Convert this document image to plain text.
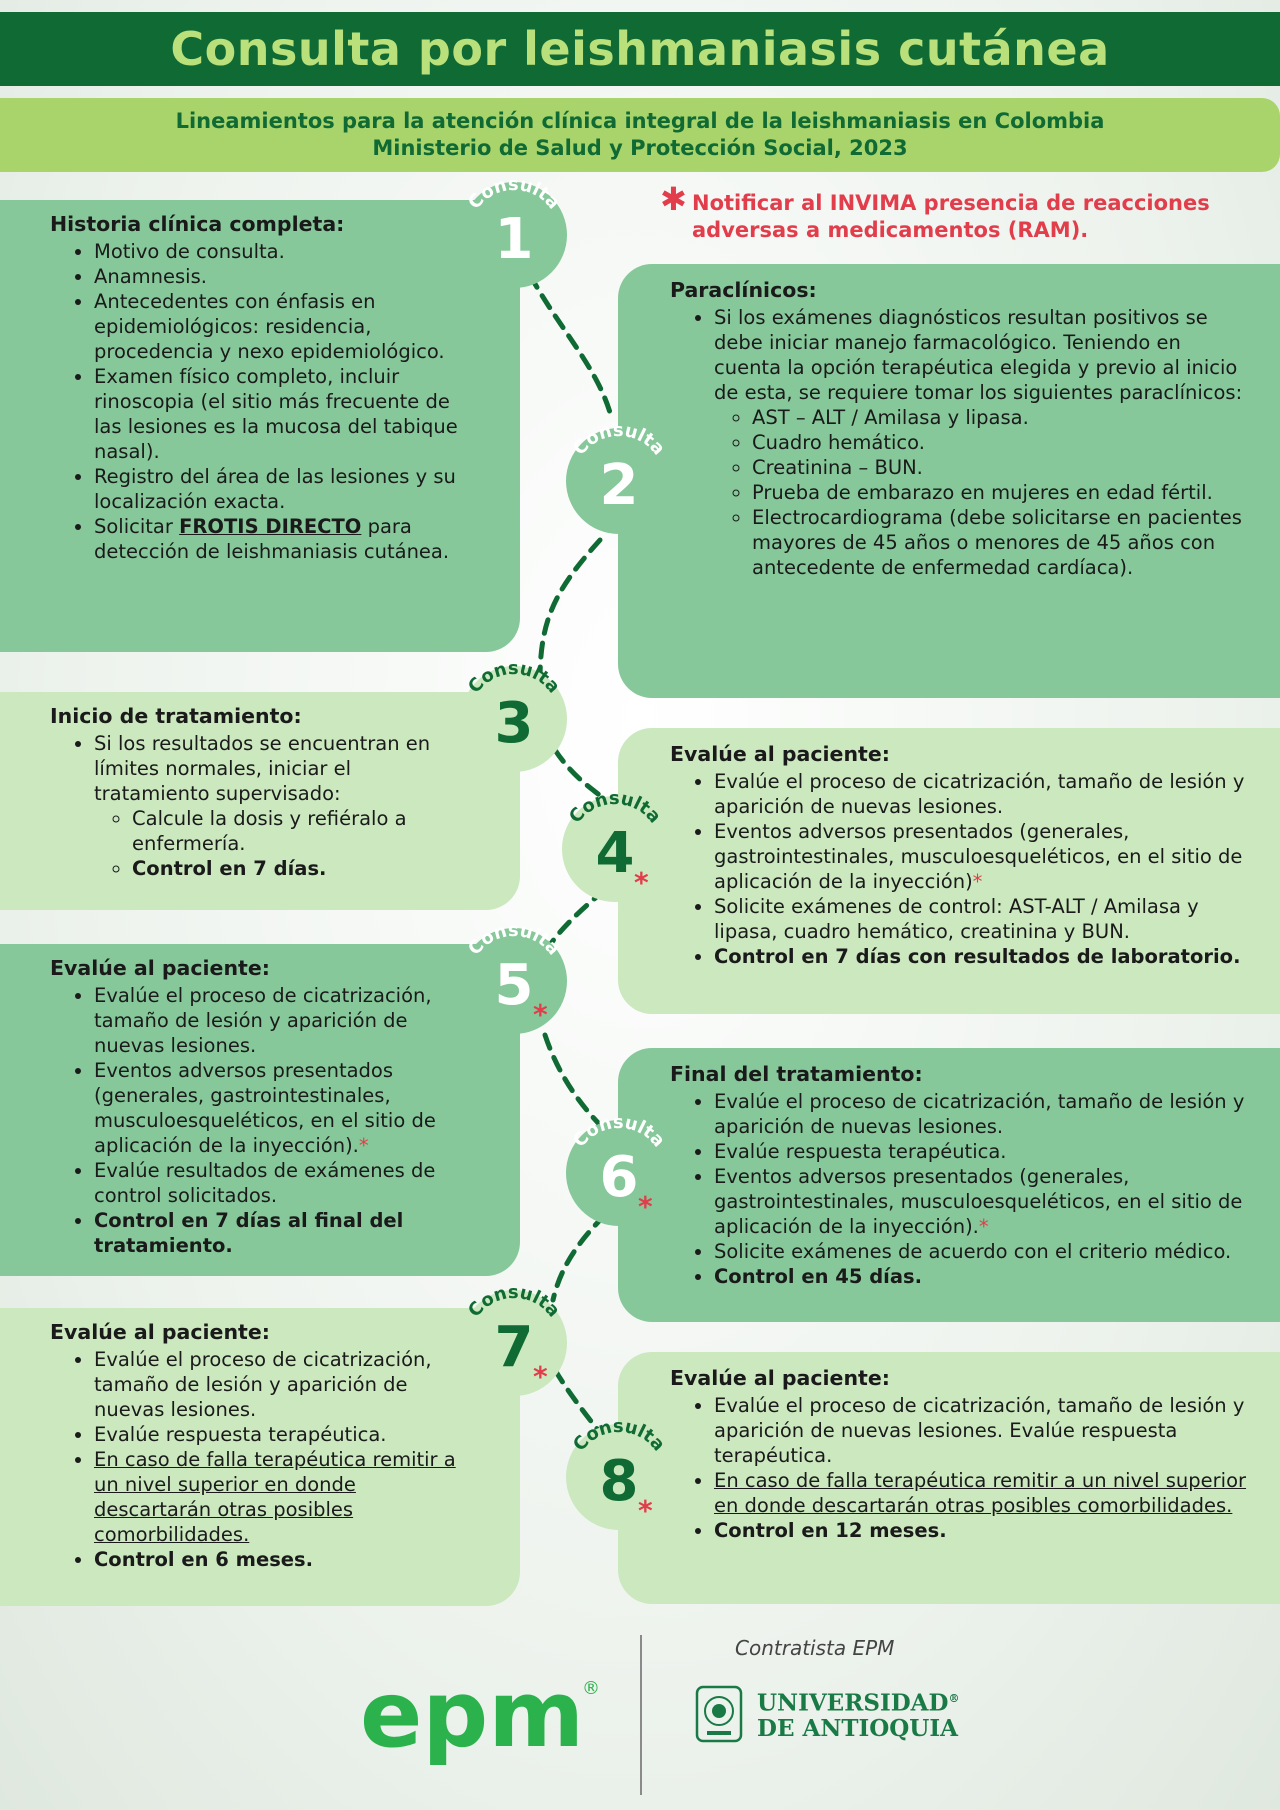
Consulta por leishmaniasis cutánea
Lineamientos para la atención clínica integral de la leishmaniasis en Colombia
Ministerio de Salud y Protección Social, 2023
✱ Notificar al INVIMA presencia de reacciones adversas a medicamentos (RAM).
Historia clínica completa:
• Motivo de consulta.
• Anamnesis.
• Antecedentes con énfasis en epidemiológicos: residencia, procedencia y nexo epidemiológico.
• Examen físico completo, incluir rinoscopia (el sitio más frecuente de las lesiones es la mucosa del tabique nasal).
• Registro del área de las lesiones y su localización exacta.
• Solicitar FROTIS DIRECTO para detección de leishmaniasis cutánea.
Paraclínicos:
• Si los exámenes diagnósticos resultan positivos se debe iniciar manejo farmacológico. Teniendo en cuenta la opción terapéutica elegida y previo al inicio de esta, se requiere tomar los siguientes paraclínicos:
◦ AST – ALT / Amilasa y lipasa.
◦ Cuadro hemático.
◦ Creatinina – BUN.
◦ Prueba de embarazo en mujeres en edad fértil.
◦ Electrocardiograma (debe solicitarse en pacientes mayores de 45 años o menores de 45 años con antecedente de enfermedad cardíaca).
Inicio de tratamiento:
• Si los resultados se encuentran en límites normales, iniciar el tratamiento supervisado:
◦ Calcule la dosis y refiéralo a enfermería.
◦ Control en 7 días.
Evalúe al paciente:
• Evalúe el proceso de cicatrización, tamaño de lesión y aparición de nuevas lesiones.
• Eventos adversos presentados (generales, gastrointestinales, musculoesqueléticos, en el sitio de aplicación de la inyección)*
• Solicite exámenes de control: AST-ALT / Amilasa y lipasa, cuadro hemático, creatinina y BUN.
• Control en 7 días con resultados de laboratorio.
Evalúe al paciente:
• Evalúe el proceso de cicatrización, tamaño de lesión y aparición de nuevas lesiones.
• Eventos adversos presentados (generales, gastrointestinales, musculoesqueléticos, en el sitio de aplicación de la inyección).*
• Evalúe resultados de exámenes de control solicitados.
• Control en 7 días al final del tratamiento.
Final del tratamiento:
• Evalúe el proceso de cicatrización, tamaño de lesión y aparición de nuevas lesiones.
• Evalúe respuesta terapéutica.
• Eventos adversos presentados (generales, gastrointestinales, musculoesqueléticos, en el sitio de aplicación de la inyección).*
• Solicite exámenes de acuerdo con el criterio médico.
• Control en 45 días.
Evalúe al paciente:
• Evalúe el proceso de cicatrización, tamaño de lesión y aparición de nuevas lesiones.
• Evalúe respuesta terapéutica.
• En caso de falla terapéutica remitir a un nivel superior en donde descartarán otras posibles comorbilidades.
• Control en 6 meses.
Evalúe al paciente:
• Evalúe el proceso de cicatrización, tamaño de lesión y aparición de nuevas lesiones. Evalúe respuesta terapéutica.
• En caso de falla terapéutica remitir a un nivel superior en donde descartarán otras posibles comorbilidades.
• Control en 12 meses.
Consulta
1
Consulta
2
Consulta
3
Consulta
4 *
Consulta
5 *
Consulta
6 *
Consulta
7 *
Consulta
8 *
epm
®
Contratista EPM
UNIVERSIDAD®
DE ANTIOQUIA
